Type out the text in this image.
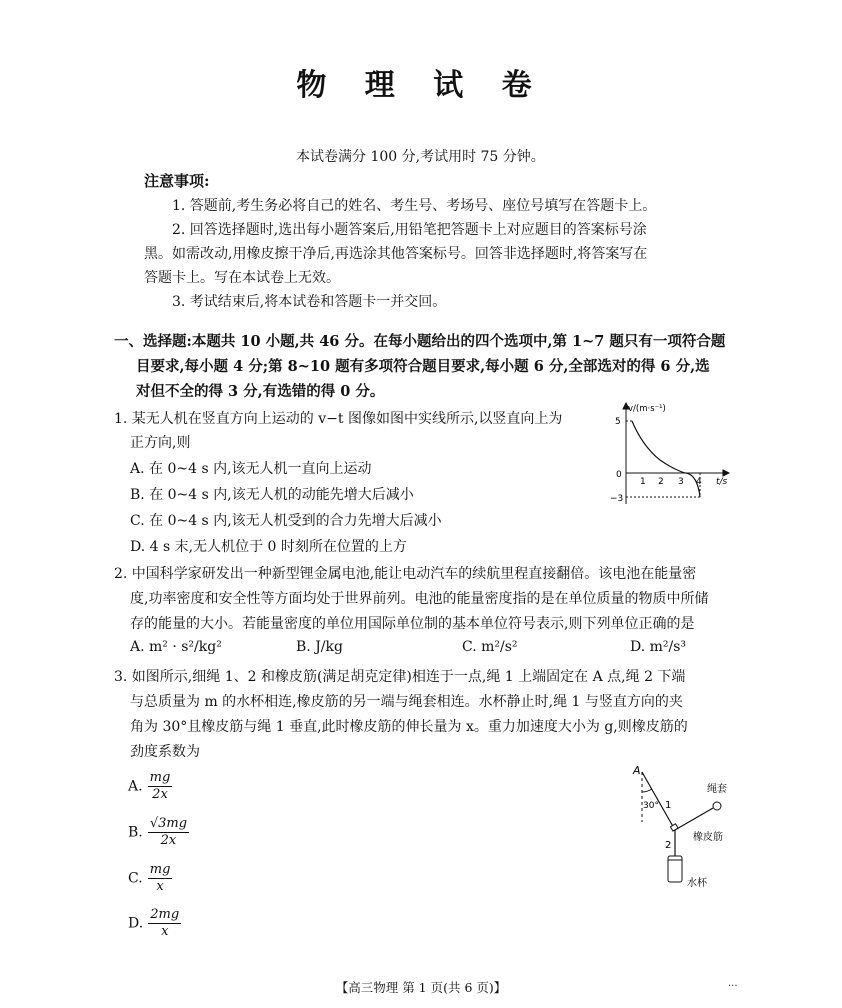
物 理 试 卷
本试卷满分 100 分,考试用时 75 分钟。
注意事项:
1. 答题前,考生务必将自己的姓名、考生号、考场号、座位号填写在答题卡上。
2. 回答选择题时,选出每小题答案后,用铅笔把答题卡上对应题目的答案标号涂
黑。如需改动,用橡皮擦干净后,再选涂其他答案标号。回答非选择题时,将答案写在
答题卡上。写在本试卷上无效。
3. 考试结束后,将本试卷和答题卡一并交回。
一、选择题:本题共 10 小题,共 46 分。在每小题给出的四个选项中,第 1~7 题只有一项符合题
目要求,每小题 4 分;第 8~10 题有多项符合题目要求,每小题 6 分,全部选对的得 6 分,选
对但不全的得 3 分,有选错的得 0 分。
1. 某无人机在竖直方向上运动的 v−t 图像如图中实线所示,以竖直向上为
正方向,则
A. 在 0~4 s 内,该无人机一直向上运动
B. 在 0~4 s 内,该无人机的动能先增大后减小
C. 在 0~4 s 内,该无人机受到的合力先增大后减小
D. 4 s 末,无人机位于 0 时刻所在位置的上方
v/(m·s⁻¹)
5
0
−3
1 2 3 4 t/s
2. 中国科学家研发出一种新型锂金属电池,能让电动汽车的续航里程直接翻倍。该电池在能量密
度,功率密度和安全性等方面均处于世界前列。电池的能量密度指的是在单位质量的物质中所储
存的能量的大小。若能量密度的单位用国际单位制的基本单位符号表示,则下列单位正确的是
A. m² · s²/kg²	B. J/kg	C. m²/s²	D. m²/s³
3. 如图所示,细绳 1、2 和橡皮筋(满足胡克定律)相连于一点,绳 1 上端固定在 A 点,绳 2 下端
与总质量为 m 的水杯相连,橡皮筋的另一端与绳套相连。水杯静止时,绳 1 与竖直方向的夹
角为 30°且橡皮筋与绳 1 垂直,此时橡皮筋的伸长量为 x。重力加速度大小为 g,则橡皮筋的
劲度系数为
A. $\frac{mg}{2x}$
B. $\frac{√3mg}{2x}$
C. $\frac{mg}{x}$
D. $\frac{2mg}{x}$
A
30° 1
2
绳套
橡皮筋
水杯
【高三物理 第 1 页(共 6 页)】	...
